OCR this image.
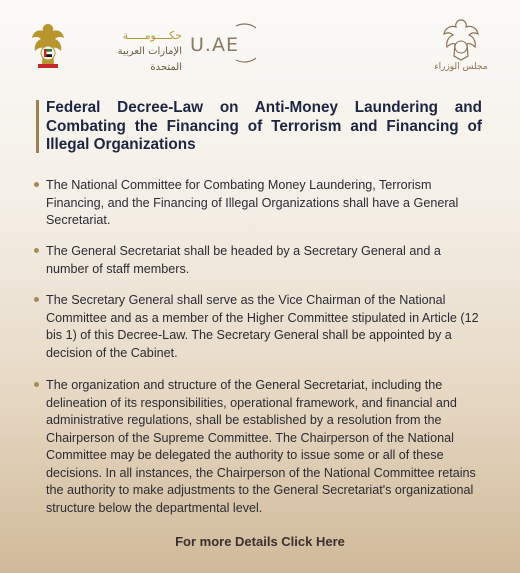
حكــــومـــــة
الإمارات العربية المتحدة
U.AE
مجلس الوزراء
Federal Decree-Law on Anti-Money Laundering and Combating the Financing of Terrorism and Financing of Illegal Organizations

The National Committee for Combating Money Laundering, Terrorism Financing, and the Financing of Illegal Organizations shall have a General Secretariat.

The General Secretariat shall be headed by a Secretary General and a number of staff members.

The Secretary General shall serve as the Vice Chairman of the National Committee and as a member of the Higher Committee stipulated in Article (12 bis 1) of this Decree-Law. The Secretary General shall be appointed by a decision of the Cabinet.

The organization and structure of the General Secretariat, including the delineation of its responsibilities, operational framework, and financial and administrative regulations, shall be established by a resolution from the Chairperson of the Supreme Committee. The Chairperson of the National Committee may be delegated the authority to issue some or all of these decisions. In all instances, the Chairperson of the National Committee retains the authority to make adjustments to the General Secretariat's organizational structure below the departmental level.

For more Details Click Here
